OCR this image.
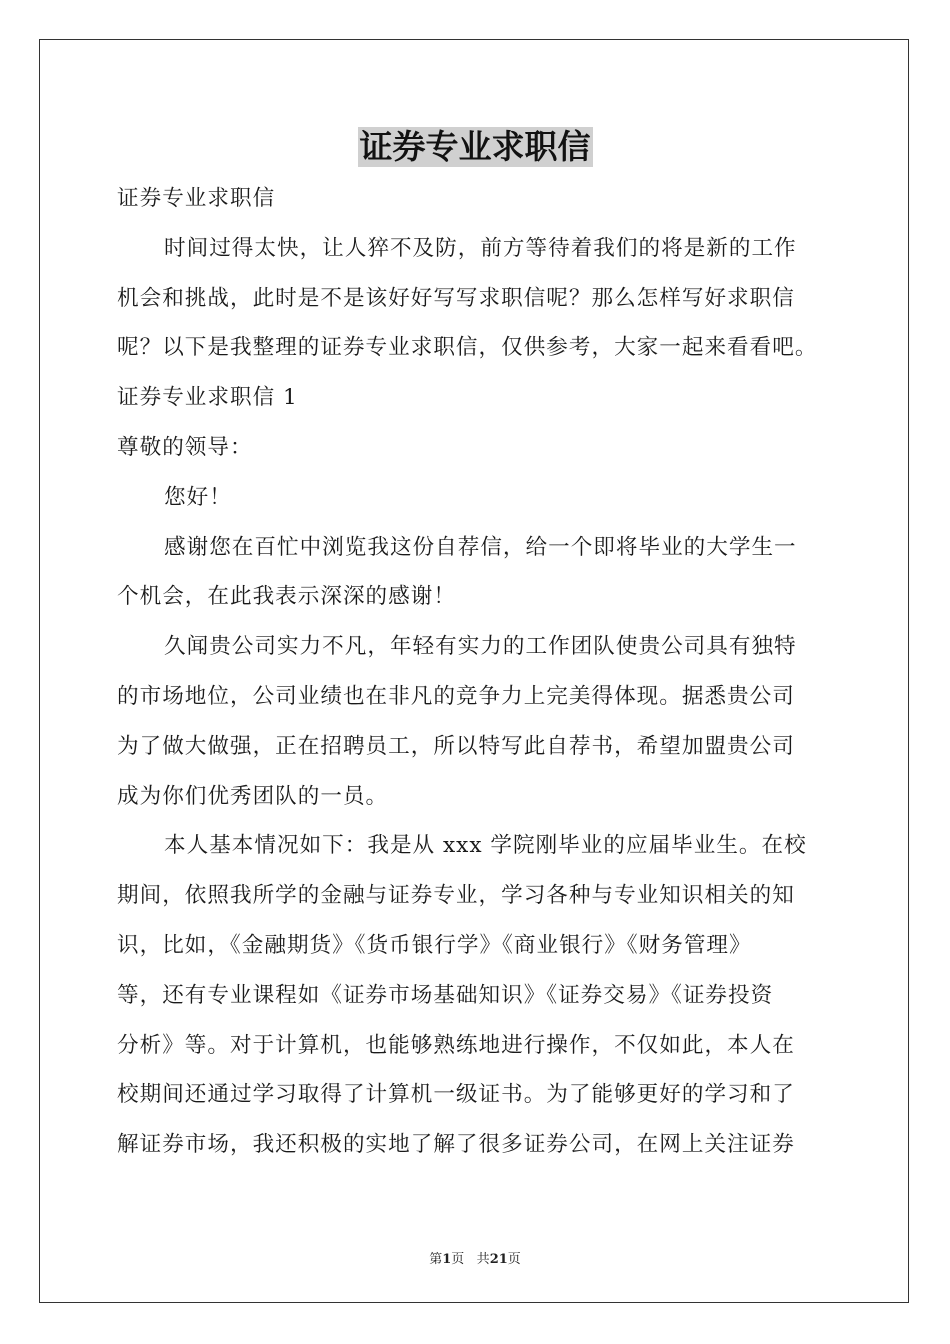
证券专业求职信
证券专业求职信
时间过得太快，让人猝不及防，前方等待着我们的将是新的工作
机会和挑战，此时是不是该好好写写求职信呢？那么怎样写好求职信
呢？以下是我整理的证券专业求职信，仅供参考，大家一起来看看吧。
证券专业求职信 1
尊敬的领导：
您好！
感谢您在百忙中浏览我这份自荐信，给一个即将毕业的大学生一
个机会，在此我表示深深的感谢！
久闻贵公司实力不凡，年轻有实力的工作团队使贵公司具有独特
的市场地位，公司业绩也在非凡的竞争力上完美得体现。据悉贵公司
为了做大做强，正在招聘员工，所以特写此自荐书，希望加盟贵公司
成为你们优秀团队的一员。
本人基本情况如下：我是从 xxx 学院刚毕业的应届毕业生。在校
期间，依照我所学的金融与证券专业，学习各种与专业知识相关的知
识，比如，《金融期货》《货币银行学》《商业银行》《财务管理》
等，还有专业课程如《证券市场基础知识》《证券交易》《证券投资
分析》等。对于计算机，也能够熟练地进行操作，不仅如此，本人在
校期间还通过学习取得了计算机一级证书。为了能够更好的学习和了
解证券市场，我还积极的实地了解了很多证券公司，在网上关注证券
第1页 共21页
